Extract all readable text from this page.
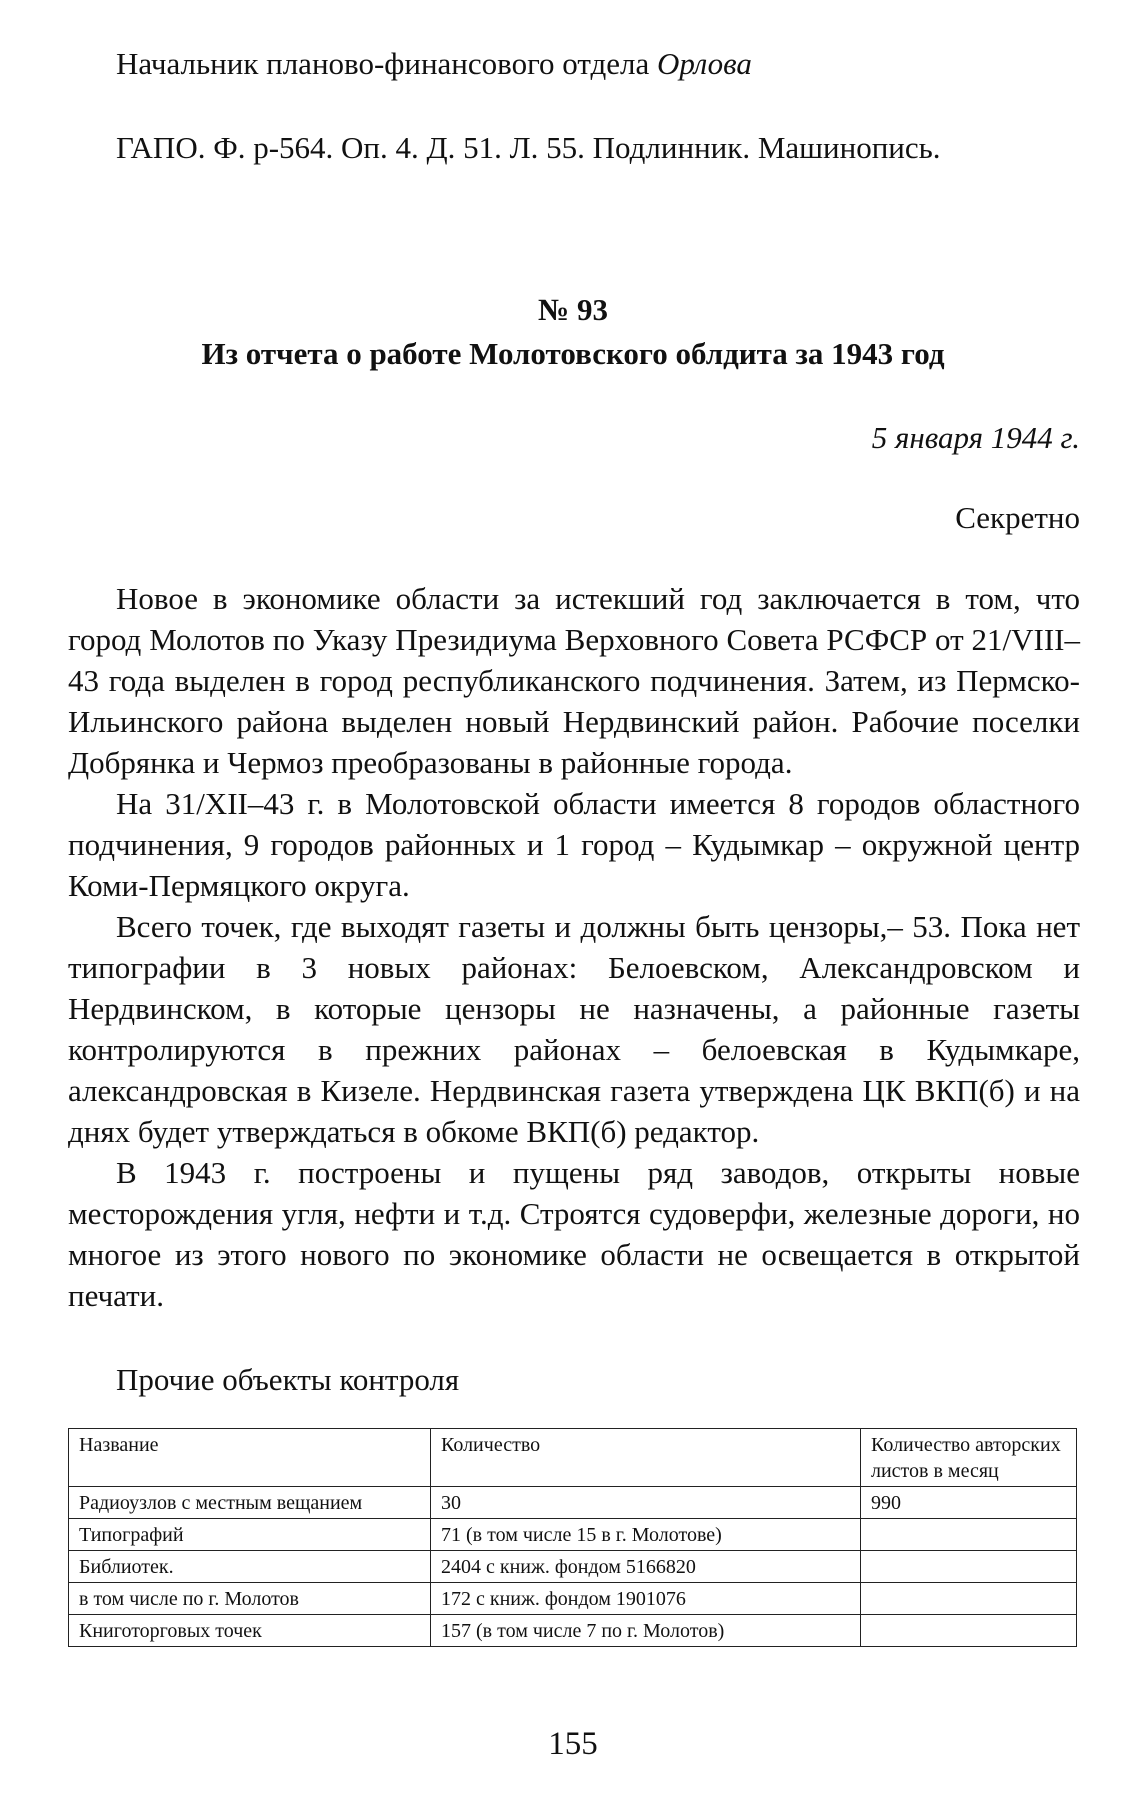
Начальник планово-финансового отдела Орлова
ГАПО. Ф. р-564. Оп. 4. Д. 51. Л. 55. Подлинник. Машинопись.
№ 93
Из отчета о работе Молотовского облдита за 1943 год
5 января 1944 г.
Секретно

Новое в экономике области за истекший год заключается в том, что город Молотов по Указу Президиума Верховного Совета РСФСР от 21/VIII–43 года выделен в город республиканского подчинения. Затем, из Пермско-Ильинского района выделен новый Нердвинский район. Рабочие поселки Добрянка и Чермоз преобразованы в районные города.

На 31/XII–43 г. в Молотовской области имеется 8 городов областного подчинения, 9 городов районных и 1 город – Кудымкар – окружной центр Коми-Пермяцкого округа.

Всего точек, где выходят газеты и должны быть цензоры,– 53. Пока нет типографии в 3 новых районах: Белоевском, Александровском и Нердвинском, в которые цензоры не назначены, а районные газеты контролируются в прежних районах – белоевская в Кудымкаре, александровская в Кизеле. Нердвинская газета утверждена ЦК ВКП(б) и на днях будет утверждаться в обкоме ВКП(б) редактор.

В 1943 г. построены и пущены ряд заводов, открыты новые месторождения угля, нефти и т.д. Строятся судоверфи, железные дороги, но многое из этого нового по экономике области не освещается в открытой печати.

Прочие объекты контроля
Название	Количество	Количество авторских листов в месяц
Радиоузлов с местным вещанием	30	990
Типографий	71 (в том числе 15 в г. Молотове)	
Библиотек.	2404 с книж. фондом 5166820	
в том числе по г. Молотов	172 с книж. фондом 1901076	
Книготорговых точек	157 (в том числе 7 по г. Молотов)	
155
